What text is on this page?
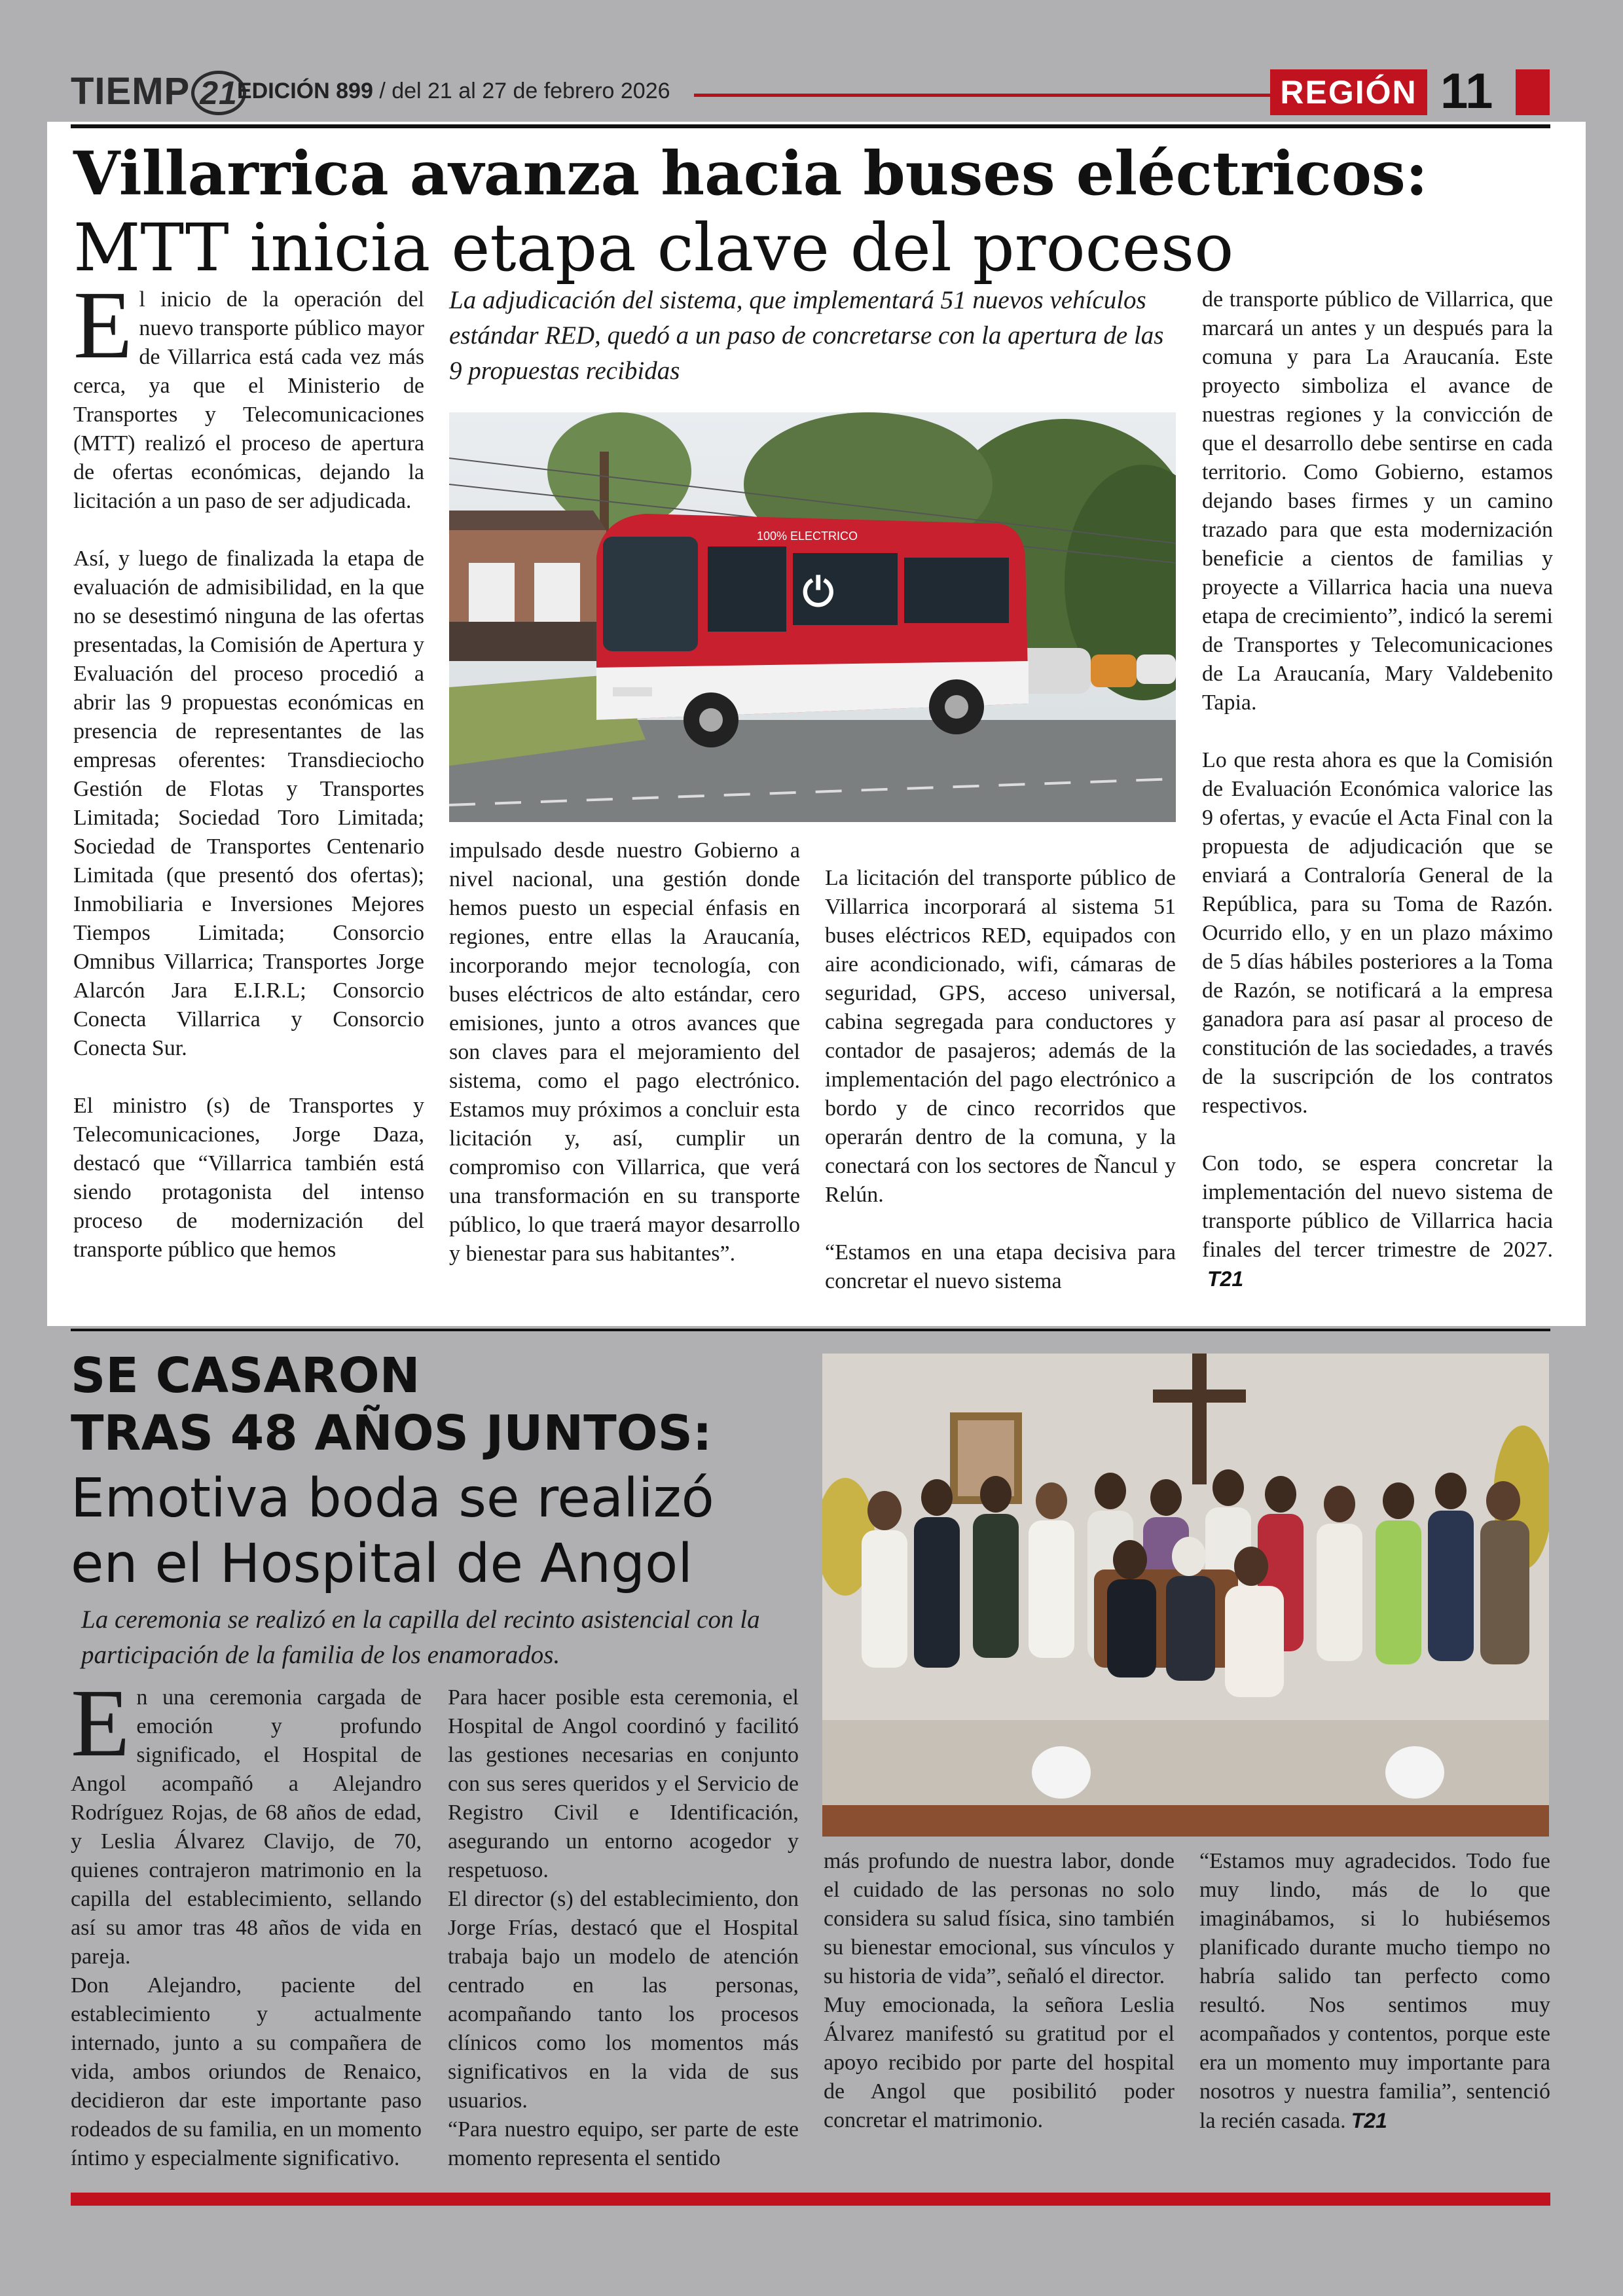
TIEMP 21 EDICIÓN 899 / del 21 al 27 de febrero 2026	REGIÓN 11
Villarrica avanza hacia buses eléctricos:
MTT inicia etapa clave del proceso

El inicio de la operación del nuevo transporte público mayor de Villarrica está cada vez más cerca, ya que el Ministerio de Transportes y Telecomunicaciones (MTT) realizó el proceso de apertura de ofertas económicas, dejando la licitación a un paso de ser adjudicada.

Así, y luego de finalizada la etapa de evaluación de admisibilidad, en la que no se desestimó ninguna de las ofertas presentadas, la Comisión de Apertura y Evaluación del proceso procedió a abrir las 9 propuestas económicas en presencia de representantes de las empresas oferentes: Transdieciocho Gestión de Flotas y Transportes Limitada; Sociedad Toro Limitada; Sociedad de Transportes Centenario Limitada (que presentó dos ofertas); Inmobiliaria e Inversiones Mejores Tiempos Limitada; Consorcio Omnibus Villarrica; Transportes Jorge Alarcón Jara E.I.R.L; Consorcio Conecta Villarrica y Consorcio Conecta Sur.

El ministro (s) de Transportes y Telecomunicaciones, Jorge Daza, destacó que “Villarrica también está siendo protagonista del intenso proceso de modernización del transporte público que hemos

La adjudicación del sistema, que implementará 51 nuevos vehículos estándar RED, quedó a un paso de concretarse con la apertura de las 9 propuestas recibidas
100% ELECTRICO
⏻

impulsado desde nuestro Gobierno a nivel nacional, una gestión donde hemos puesto un especial énfasis en regiones, entre ellas la Araucanía, incorporando mejor tecnología, con buses eléctricos de alto estándar, cero emisiones, junto a otros avances que son claves para el mejoramiento del sistema, como el pago electrónico. Estamos muy próximos a concluir esta licitación y, así, cumplir un compromiso con Villarrica, que verá una transformación en su transporte público, lo que traerá mayor desarrollo y bienestar para sus habitantes”.

La licitación del transporte público de Villarrica incorporará al sistema 51 buses eléctricos RED, equipados con aire acondicionado, wifi, cámaras de seguridad, GPS, acceso universal, cabina segregada para conductores y contador de pasajeros; además de la implementación del pago electrónico a bordo y de cinco recorridos que operarán dentro de la comuna, y la conectará con los sectores de Ñancul y Relún.

“Estamos en una etapa decisiva para concretar el nuevo sistema

de transporte público de Villarrica, que marcará un antes y un después para la comuna y para La Araucanía. Este proyecto simboliza el avance de nuestras regiones y la convicción de que el desarrollo debe sentirse en cada territorio. Como Gobierno, estamos dejando bases firmes y un camino trazado para que esta modernización beneficie a cientos de familias y proyecte a Villarrica hacia una nueva etapa de crecimiento”, indicó la seremi de Transportes y Telecomunicaciones de La Araucanía, Mary Valdebenito Tapia.

Lo que resta ahora es que la Comisión de Evaluación Económica valorice las 9 ofertas, y evacúe el Acta Final con la propuesta de adjudicación que se enviará a Contraloría General de la República, para su Toma de Razón. Ocurrido ello, y en un plazo máximo de 5 días hábiles posteriores a la Toma de Razón, se notificará a la empresa ganadora para así pasar al proceso de constitución de las sociedades, a través de la suscripción de los contratos respectivos.

Con todo, se espera concretar la implementación del nuevo sistema de transporte público de Villarrica hacia finales del tercer trimestre de 2027.T21

SE CASARON
TRAS 48 AÑOS JUNTOS:
Emotiva boda se realizó
en el Hospital de Angol
La ceremonia se realizó en la capilla del recinto asistencial con la participación de la familia de los enamorados.

En una ceremonia cargada de emoción y profundo significado, el Hospital de Angol acompañó a Alejandro Rodríguez Rojas, de 68 años de edad, y Leslia Álvarez Clavijo, de 70, quienes contrajeron matrimonio en la capilla del establecimiento, sellando así su amor tras 48 años de vida en pareja.

Don Alejandro, paciente del establecimiento y actualmente internado, junto a su compañera de vida, ambos oriundos de Renaico, decidieron dar este importante paso rodeados de su familia, en un momento íntimo y especialmente significativo.

Para hacer posible esta ceremonia, el Hospital de Angol coordinó y facilitó las gestiones necesarias en conjunto con sus seres queridos y el Servicio de Registro Civil e Identificación, asegurando un entorno acogedor y respetuoso.

El director (s) del establecimiento, don Jorge Frías, destacó que el Hospital trabaja bajo un modelo de atención centrado en las personas, acompañando tanto los procesos clínicos como los momentos más significativos en la vida de sus usuarios.

“Para nuestro equipo, ser parte de este momento representa el sentido

más profundo de nuestra labor, donde el cuidado de las personas no solo considera su salud física, sino también su bienestar emocional, sus vínculos y su historia de vida”, señaló el director.

Muy emocionada, la señora Leslia Álvarez manifestó su gratitud por el apoyo recibido por parte del hospital de Angol que posibilitó poder concretar el matrimonio.

“Estamos muy agradecidos. Todo fue muy lindo, más de lo que imaginábamos, si lo hubiésemos planificado durante mucho tiempo no habría salido tan perfecto como resultó. Nos sentimos muy acompañados y contentos, porque este era un momento muy importante para nosotros y nuestra familia”, sentenció la recién casada. T21
